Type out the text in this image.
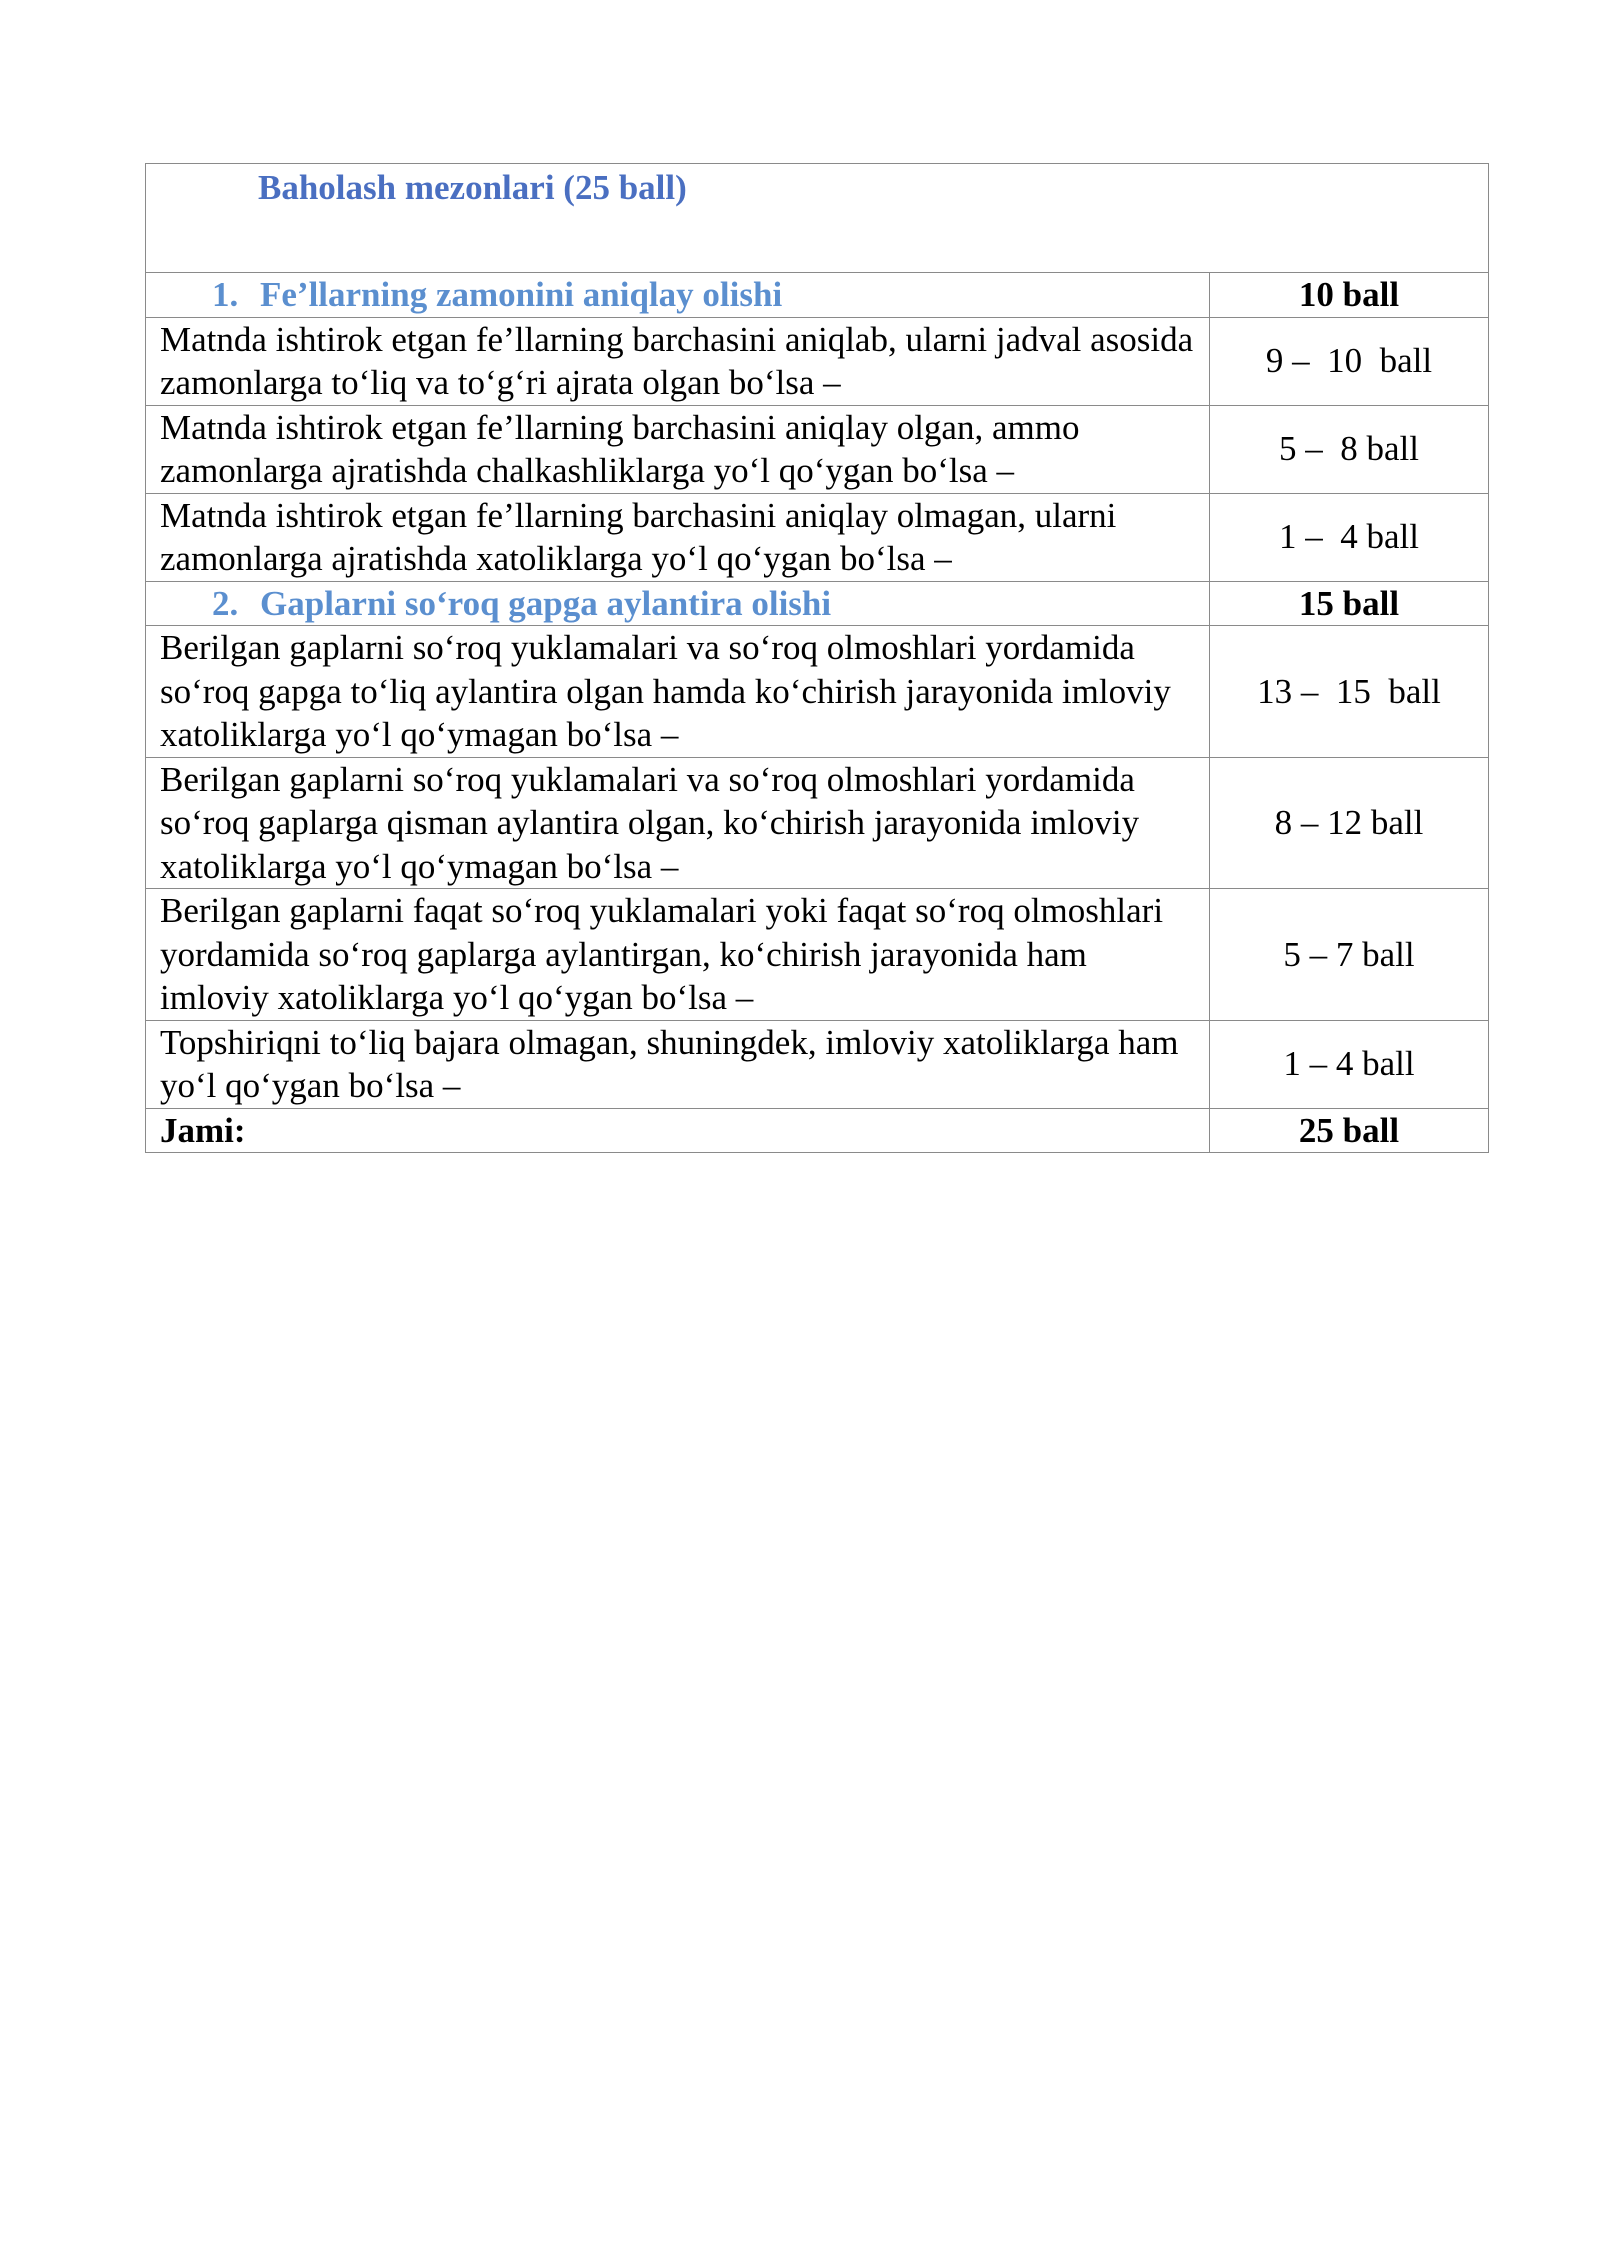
Baholash mezonlari (25 ball)	
1. Fe’llarning zamonini aniqlay olishi	10 ball
Matnda ishtirok etgan fe’llarning barchasini aniqlab, ularni jadval asosida zamonlarga to‘liq va to‘g‘ri ajrata olgan bo‘lsa –	9 –  10  ball
Matnda ishtirok etgan fe’llarning barchasini aniqlay olgan, ammo zamonlarga ajratishda chalkashliklarga yo‘l qo‘ygan bo‘lsa –	5 –  8 ball
Matnda ishtirok etgan fe’llarning barchasini aniqlay olmagan, ularni zamonlarga ajratishda xatoliklarga yo‘l qo‘ygan bo‘lsa –	1 –  4 ball
2. Gaplarni so‘roq gapga aylantira olishi	15 ball
Berilgan gaplarni so‘roq yuklamalari va so‘roq olmoshlari yordamida so‘roq gapga to‘liq aylantira olgan hamda ko‘chirish jarayonida imloviy xatoliklarga yo‘l qo‘ymagan bo‘lsa –	13 –  15  ball
Berilgan gaplarni so‘roq yuklamalari va so‘roq olmoshlari yordamida so‘roq gaplarga qisman aylantira olgan, ko‘chirish jarayonida imloviy xatoliklarga yo‘l qo‘ymagan bo‘lsa –	8 – 12 ball
Berilgan gaplarni faqat so‘roq yuklamalari yoki faqat so‘roq olmoshlari yordamida so‘roq gaplarga aylantirgan, ko‘chirish jarayonida ham imloviy xatoliklarga yo‘l qo‘ygan bo‘lsa –	5 – 7 ball
Topshiriqni to‘liq bajara olmagan, shuningdek, imloviy xatoliklarga ham yo‘l qo‘ygan bo‘lsa –	1 – 4 ball
Jami:	25 ball
